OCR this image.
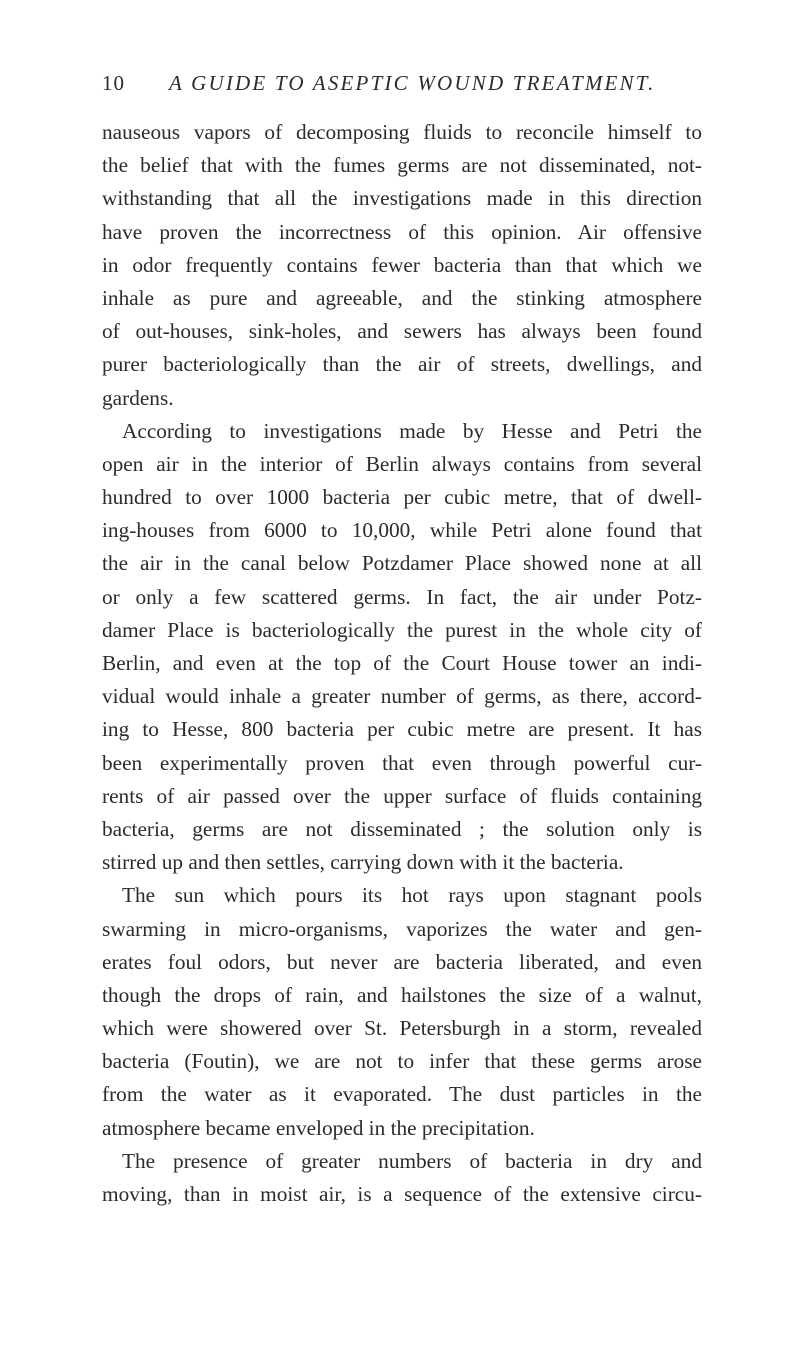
10 A GUIDE TO ASEPTIC WOUND TREATMENT.
nauseous vapors of decomposing fluids to reconcile himself to
the belief that with the fumes germs are not disseminated, not-
withstanding that all the investigations made in this direction
have proven the incorrectness of this opinion. Air offensive
in odor frequently contains fewer bacteria than that which we
inhale as pure and agreeable, and the stinking atmosphere
of out-houses, sink-holes, and sewers has always been found
purer bacteriologically than the air of streets, dwellings, and
gardens.
According to investigations made by Hesse and Petri the
open air in the interior of Berlin always contains from several
hundred to over 1000 bacteria per cubic metre, that of dwell-
ing-houses from 6000 to 10,000, while Petri alone found that
the air in the canal below Potzdamer Place showed none at all
or only a few scattered germs. In fact, the air under Potz-
damer Place is bacteriologically the purest in the whole city of
Berlin, and even at the top of the Court House tower an indi-
vidual would inhale a greater number of germs, as there, accord-
ing to Hesse, 800 bacteria per cubic metre are present. It has
been experimentally proven that even through powerful cur-
rents of air passed over the upper surface of fluids containing
bacteria, germs are not disseminated ; the solution only is
stirred up and then settles, carrying down with it the bacteria.
The sun which pours its hot rays upon stagnant pools
swarming in micro-organisms, vaporizes the water and gen-
erates foul odors, but never are bacteria liberated, and even
though the drops of rain, and hailstones the size of a walnut,
which were showered over St. Petersburgh in a storm, revealed
bacteria (Foutin), we are not to infer that these germs arose
from the water as it evaporated. The dust particles in the
atmosphere became enveloped in the precipitation.
The presence of greater numbers of bacteria in dry and
moving, than in moist air, is a sequence of the extensive circu-
